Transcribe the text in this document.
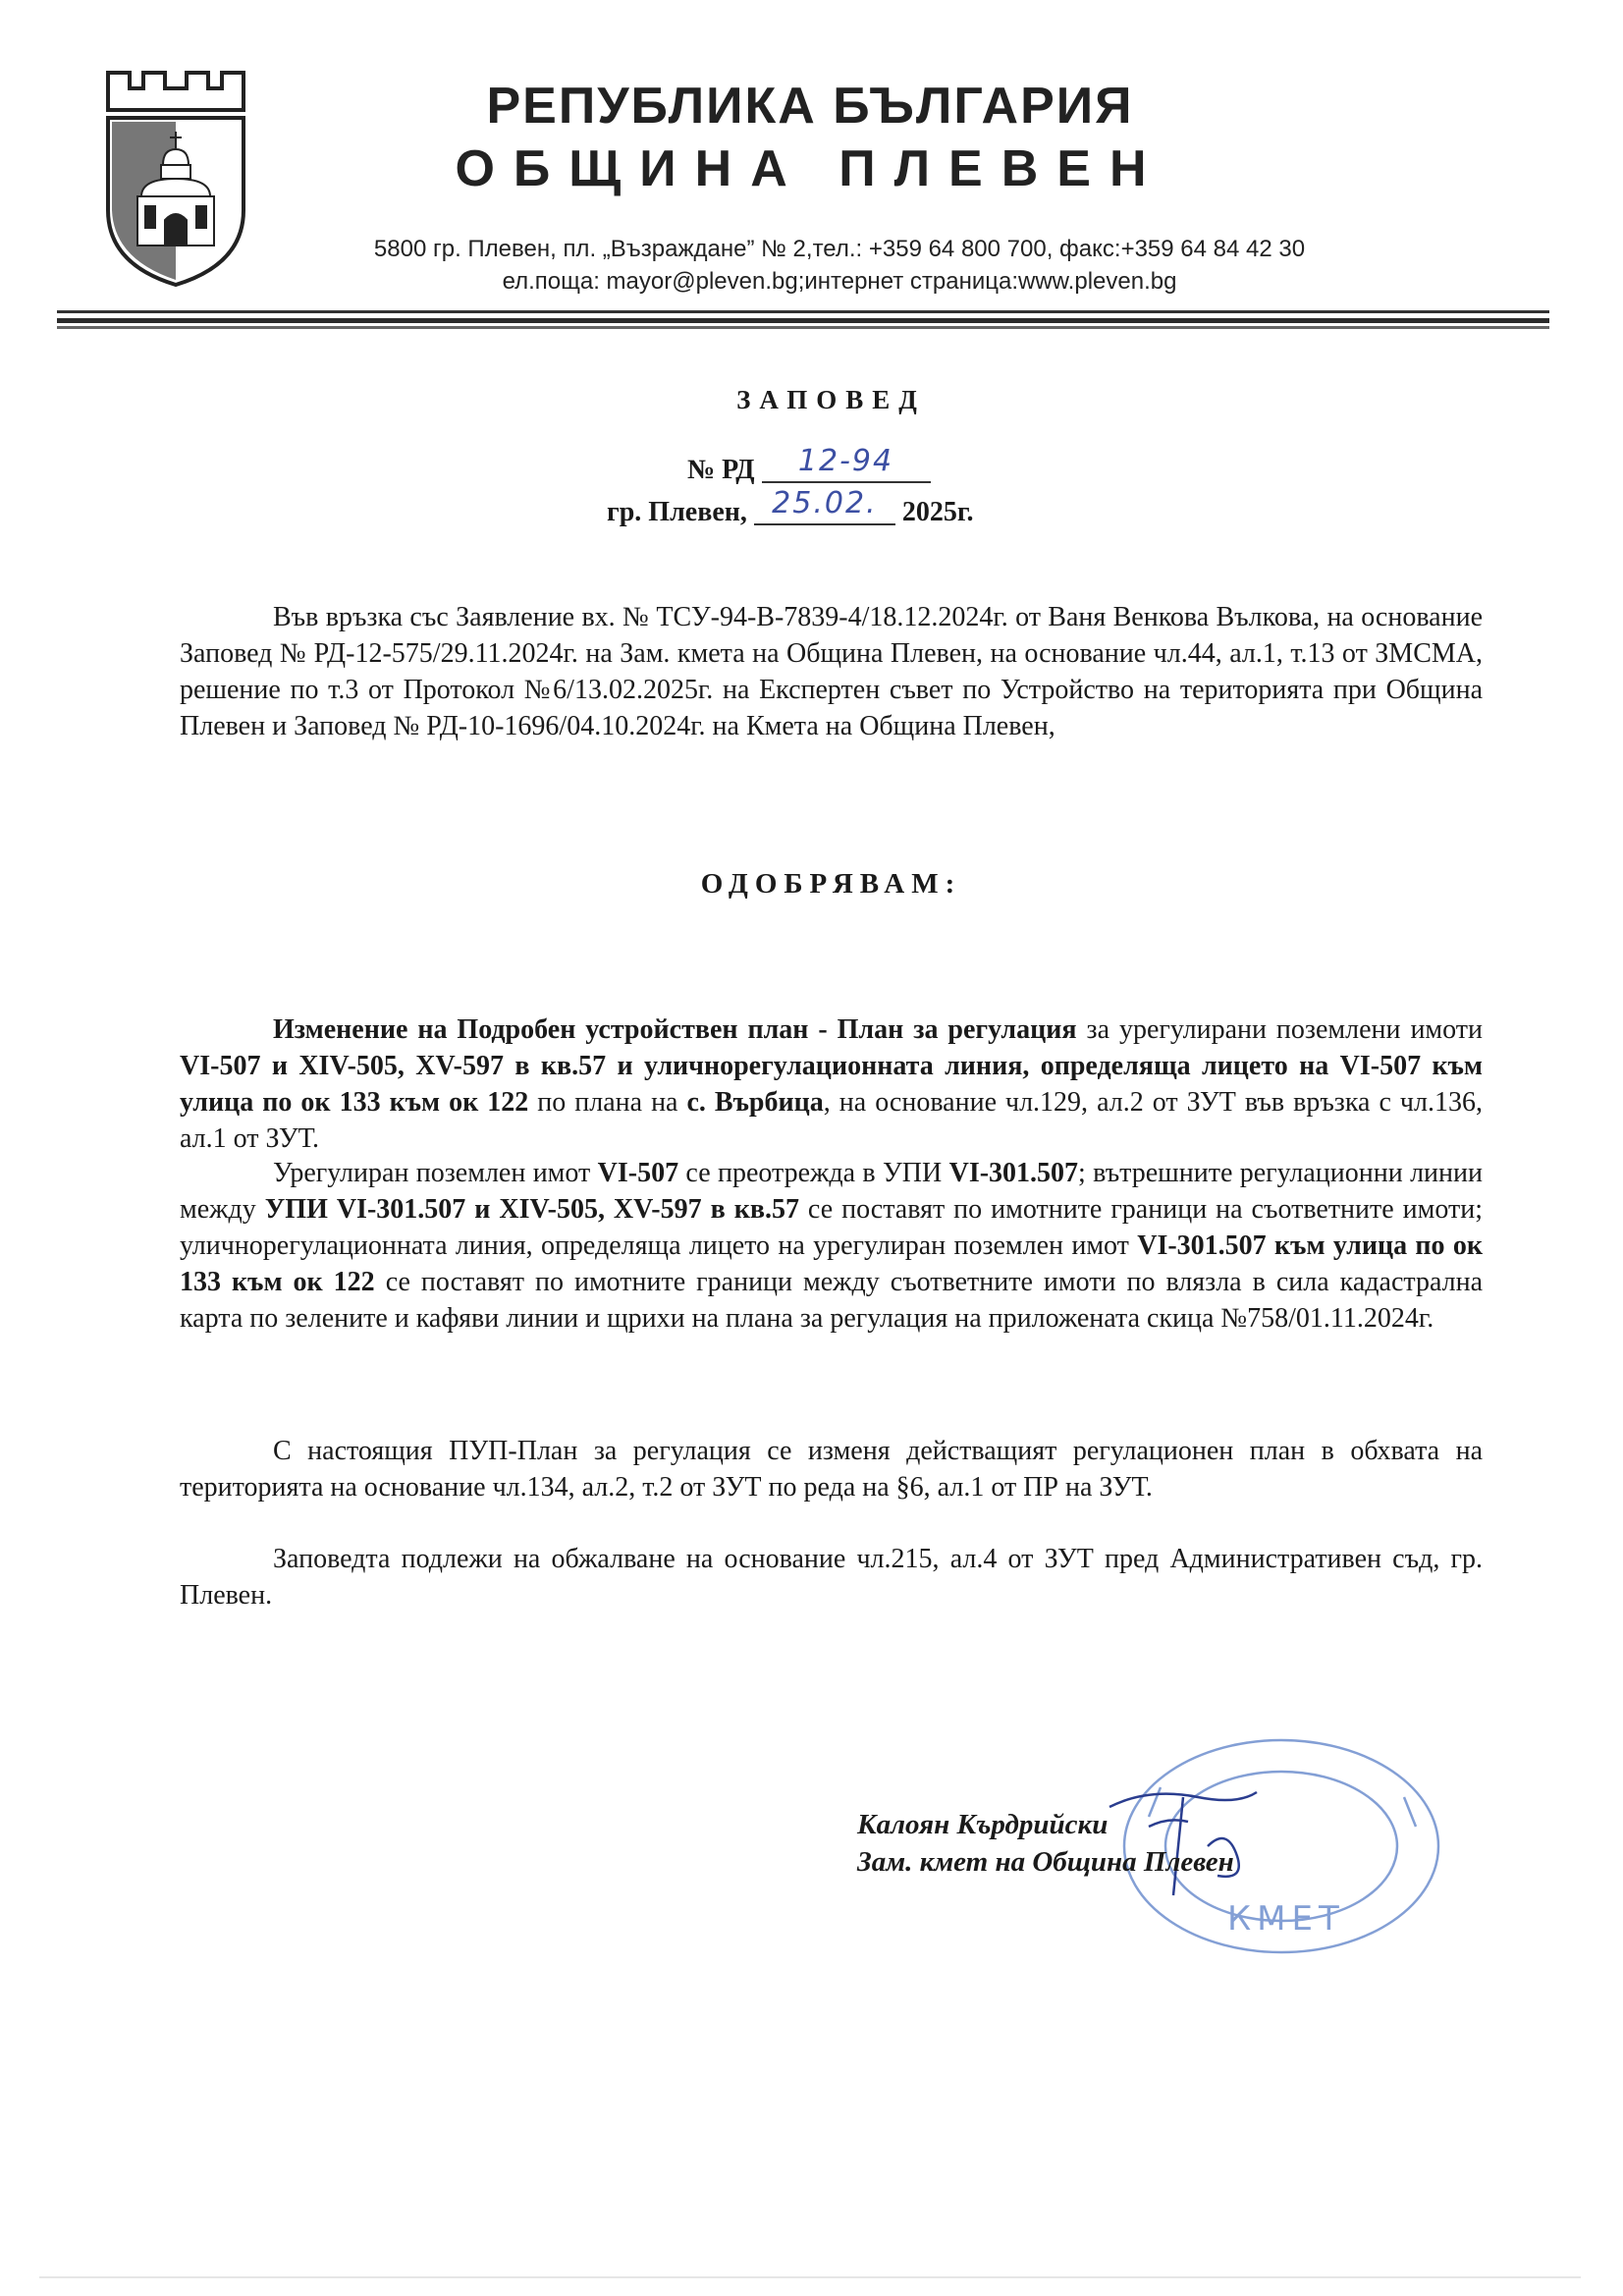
РЕПУБЛИКА БЪЛГАРИЯ
ОБЩИНА ПЛЕВЕН
5800 гр. Плевен, пл. „Възраждане” № 2,тел.: +359 64 800 700, факс:+359 64 84 42 30
ел.поща: mayor@pleven.bg;интернет страница:www.pleven.bg
ЗАПОВЕД
№ РД 12-94
гр. Плевен, 25.02. 2025г.

Във връзка със Заявление вх. № ТСУ-94-В-7839-4/18.12.2024г. от Ваня Венкова Вълкова, на основание Заповед № РД-12-575/29.11.2024г. на Зам. кмета на Община Плевен, на основание чл.44, ал.1, т.13 от ЗМСМА, решение по т.3 от Протокол №6/13.02.2025г. на Експертен съвет по Устройство на територията при Община Плевен и Заповед № РД-10-1696/04.10.2024г. на Кмета на Община Плевен,

ОДОБРЯВАМ:

Изменение на Подробен устройствен план - План за регулация за урегулирани поземлени имоти VI-507 и XIV-505, XV-597 в кв.57 и уличнорегулационната линия, определяща лицето на VI-507 към улица по ок 133 към ок 122 по плана на с. Върбица, на основание чл.129, ал.2 от ЗУТ във връзка с чл.136, ал.1 от ЗУТ.

Урегулиран поземлен имот VI-507 се преотрежда в УПИ VI-301.507; вътрешните регулационни линии между УПИ VI-301.507 и XIV-505, XV-597 в кв.57 се поставят по имотните граници на съответните имоти; уличнорегулационната линия, определяща лицето на урегулиран поземлен имот VI-301.507 към улица по ок 133 към ок 122 се поставят по имотните граници между съответните имоти по влязла в сила кадастрална карта по зелените и кафяви линии и щрихи на плана за регулация на приложената скица №758/01.11.2024г.

С настоящия ПУП-План за регулация се изменя действащият регулационен план в обхвата на територията на основание чл.134, ал.2, т.2 от ЗУТ по реда на §6, ал.1 от ПР на ЗУТ.

Заповедта подлежи на обжалване на основание чл.215, ал.4 от ЗУТ пред Административен съд, гр. Плевен.

КМЕТ
Калоян Кърдрийски
Зам. кмет на Община Плевен
